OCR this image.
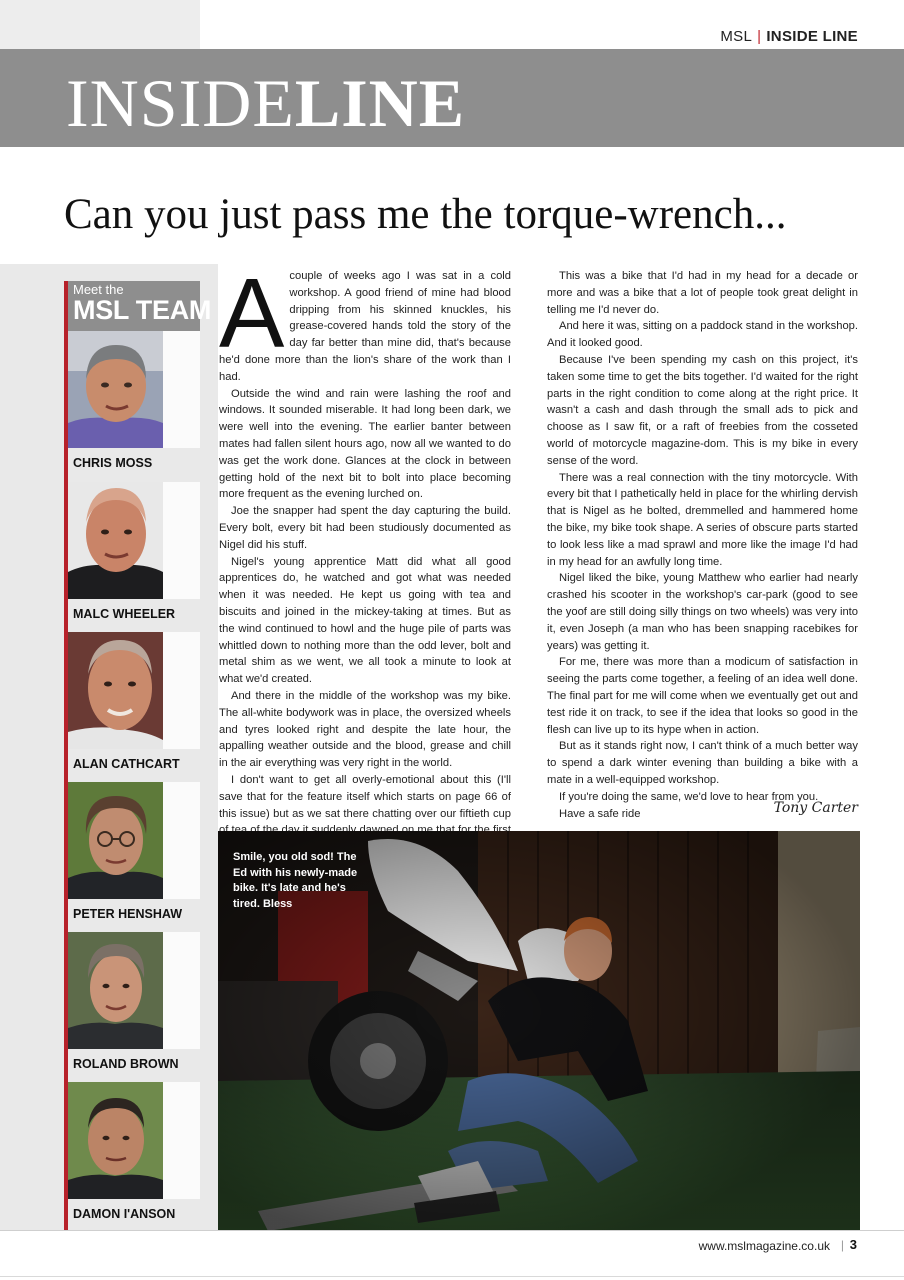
MSL | INSIDE LINE
INSIDELINE
Can you just pass me the torque-wrench...
Meet the
MSL TEAM
CHRIS MOSS
MALC WHEELER
ALAN CATHCART
PETER HENSHAW
ROLAND BROWN
DAMON I'ANSON

Acouple of weeks ago I was sat in a cold workshop. A good friend of mine had blood dripping from his skinned knuckles, his grease-covered hands told the story of the day far better than mine did, that's because he'd done more than the lion's share of the work than I had.

Outside the wind and rain were lashing the roof and windows. It sounded miserable. It had long been dark, we were well into the evening. The earlier banter between mates had fallen silent hours ago, now all we wanted to do was get the work done. Glances at the clock in between getting hold of the next bit to bolt into place becoming more frequent as the evening lurched on.

Joe the snapper had spent the day capturing the build. Every bolt, every bit had been studiously documented as Nigel did his stuff.

Nigel's young apprentice Matt did what all good apprentices do, he watched and got what was needed when it was needed. He kept us going with tea and biscuits and joined in the mickey-taking at times. But as the wind continued to howl and the huge pile of parts was whittled down to nothing more than the odd lever, bolt and metal shim as we went, we all took a minute to look at what we'd created.

And there in the middle of the workshop was my bike. The all-white bodywork was in place, the oversized wheels and tyres looked right and despite the late hour, the appalling weather outside and the blood, grease and chill in the air everything was very right in the world.

I don't want to get all overly-emotional about this (I'll save that for the feature itself which starts on page 66 of this issue) but as we sat there chatting over our fiftieth cup

This was a bike that I'd had in my head for a decade or more and was a bike that a lot of people took great delight in telling me I'd never do.

And here it was, sitting on a paddock stand in the workshop. And it looked good.

Because I've been spending my cash on this project, it's taken some time to get the bits together. I'd waited for the right parts in the right condition to come along at the right price. It wasn't a cash and dash through the small ads to pick and choose as I saw fit, or a raft of freebies from the cosseted world of motorcycle magazine-dom. This is my bike in every sense of the word.

There was a real connection with the tiny motorcycle. With every bit that I pathetically held in place for the whirling dervish that is Nigel as he bolted, dremmelled and hammered home the bike, my bike took shape. A series of obscure parts started to look less like a mad sprawl and more like the image I'd had in my head for an awfully long time.

Nigel liked the bike, young Matthew who earlier had nearly crashed his scooter in the workshop's car-park (good to see the yoof are still doing silly things on two wheels) was very into it, even Joseph (a man who has been snapping racebikes for years) was getting it.

For me, there was more than a modicum of satisfaction in seeing the parts come together, a feeling of an idea well done. The final part for me will come when we eventually get out and test ride it on track, to see if the idea that looks so good in the flesh can live up to its hype when in action.

But as it stands right now, I can't think of a much better way to spend a dark winter evening than building a bike with a mate in a well-equipped workshop.

If you're doing the same, we'd love to hear from you.

Have a safe ride	Tony Carter
Smile, you old sod! The Ed with his newly-made bike. It's late and he's tired. Bless
www.mslmagazine.co.uk | 3
